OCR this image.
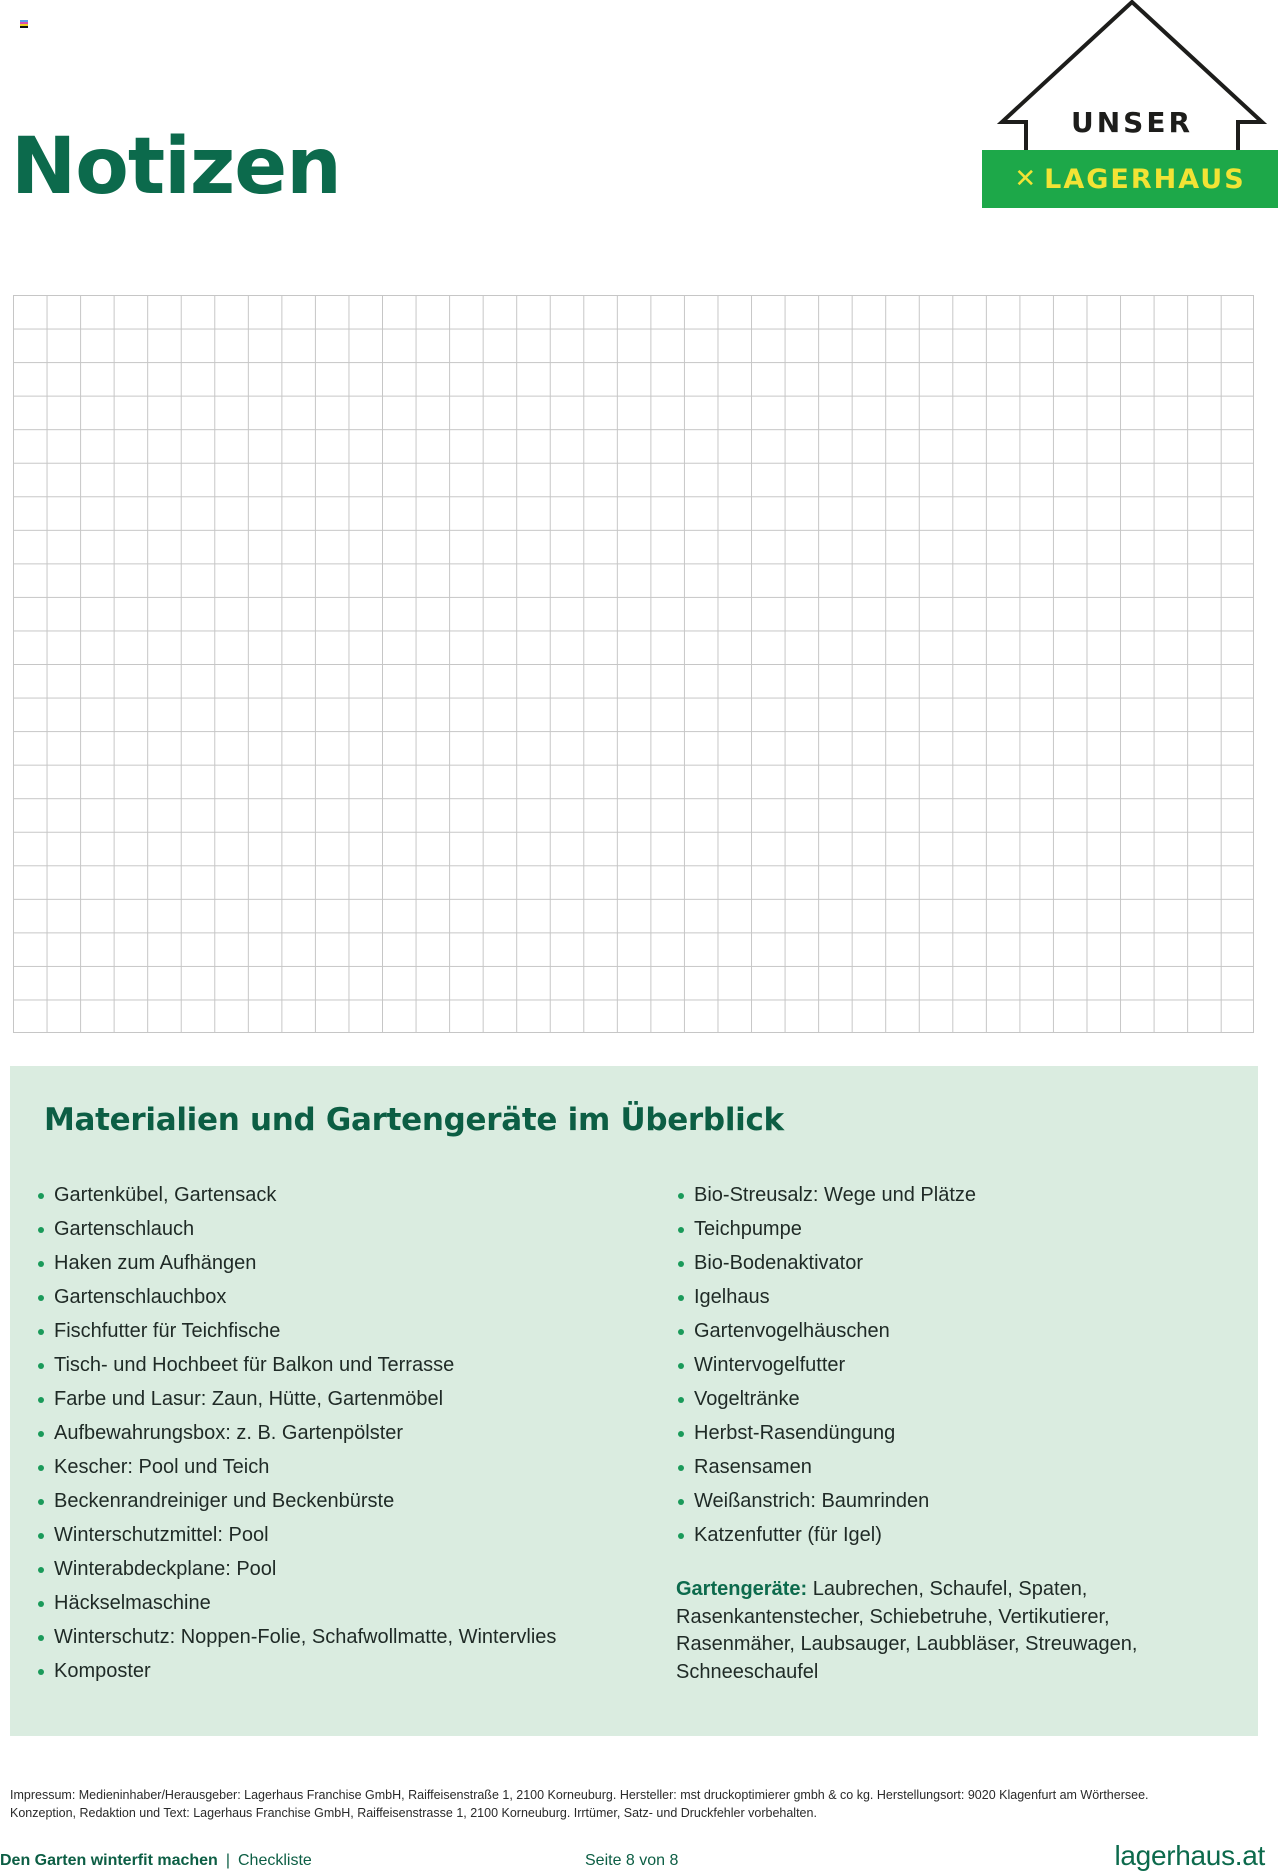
Notizen	UNSER
✕ LAGERHAUS
Materialien und Gartengeräte im Überblick
Gartenkübel, Gartensack
Gartenschlauch
Haken zum Aufhängen
Gartenschlauchbox
Fischfutter für Teichfische
Tisch- und Hochbeet für Balkon und Terrasse
Farbe und Lasur: Zaun, Hütte, Gartenmöbel
Aufbewahrungsbox: z. B. Gartenpölster
Kescher: Pool und Teich
Beckenrandreiniger und Beckenbürste
Winterschutzmittel: Pool
Winterabdeckplane: Pool
Häckselmaschine
Winterschutz: Noppen-Folie, Schafwollmatte, Wintervlies
Komposter
Bio-Streusalz: Wege und Plätze
Teichpumpe
Bio-Bodenaktivator
Igelhaus
Gartenvogelhäuschen
Wintervogelfutter
Vogeltränke
Herbst-Rasendüngung
Rasensamen
Weißanstrich: Baumrinden
Katzenfutter (für Igel)

Gartengeräte: Laubrechen, Schaufel, Spaten, Rasenkantenstecher, Schiebetruhe, Vertikutierer, Rasenmäher, Laubsauger, Laubbläser, Streuwagen, Schneeschaufel

Impressum: Medieninhaber/Herausgeber: Lagerhaus Franchise GmbH, Raiffeisenstraße 1, 2100 Korneuburg. Hersteller: mst druckoptimierer gmbh & co kg. Herstellungsort: 9020 Klagenfurt am Wörthersee.
Konzeption, Redaktion und Text: Lagerhaus Franchise GmbH, Raiffeisenstrasse 1, 2100 Korneuburg. Irrtümer, Satz- und Druckfehler vorbehalten.
Den Garten winterfit machen | Checkliste	Seite 8 von 8	lagerhaus.at
